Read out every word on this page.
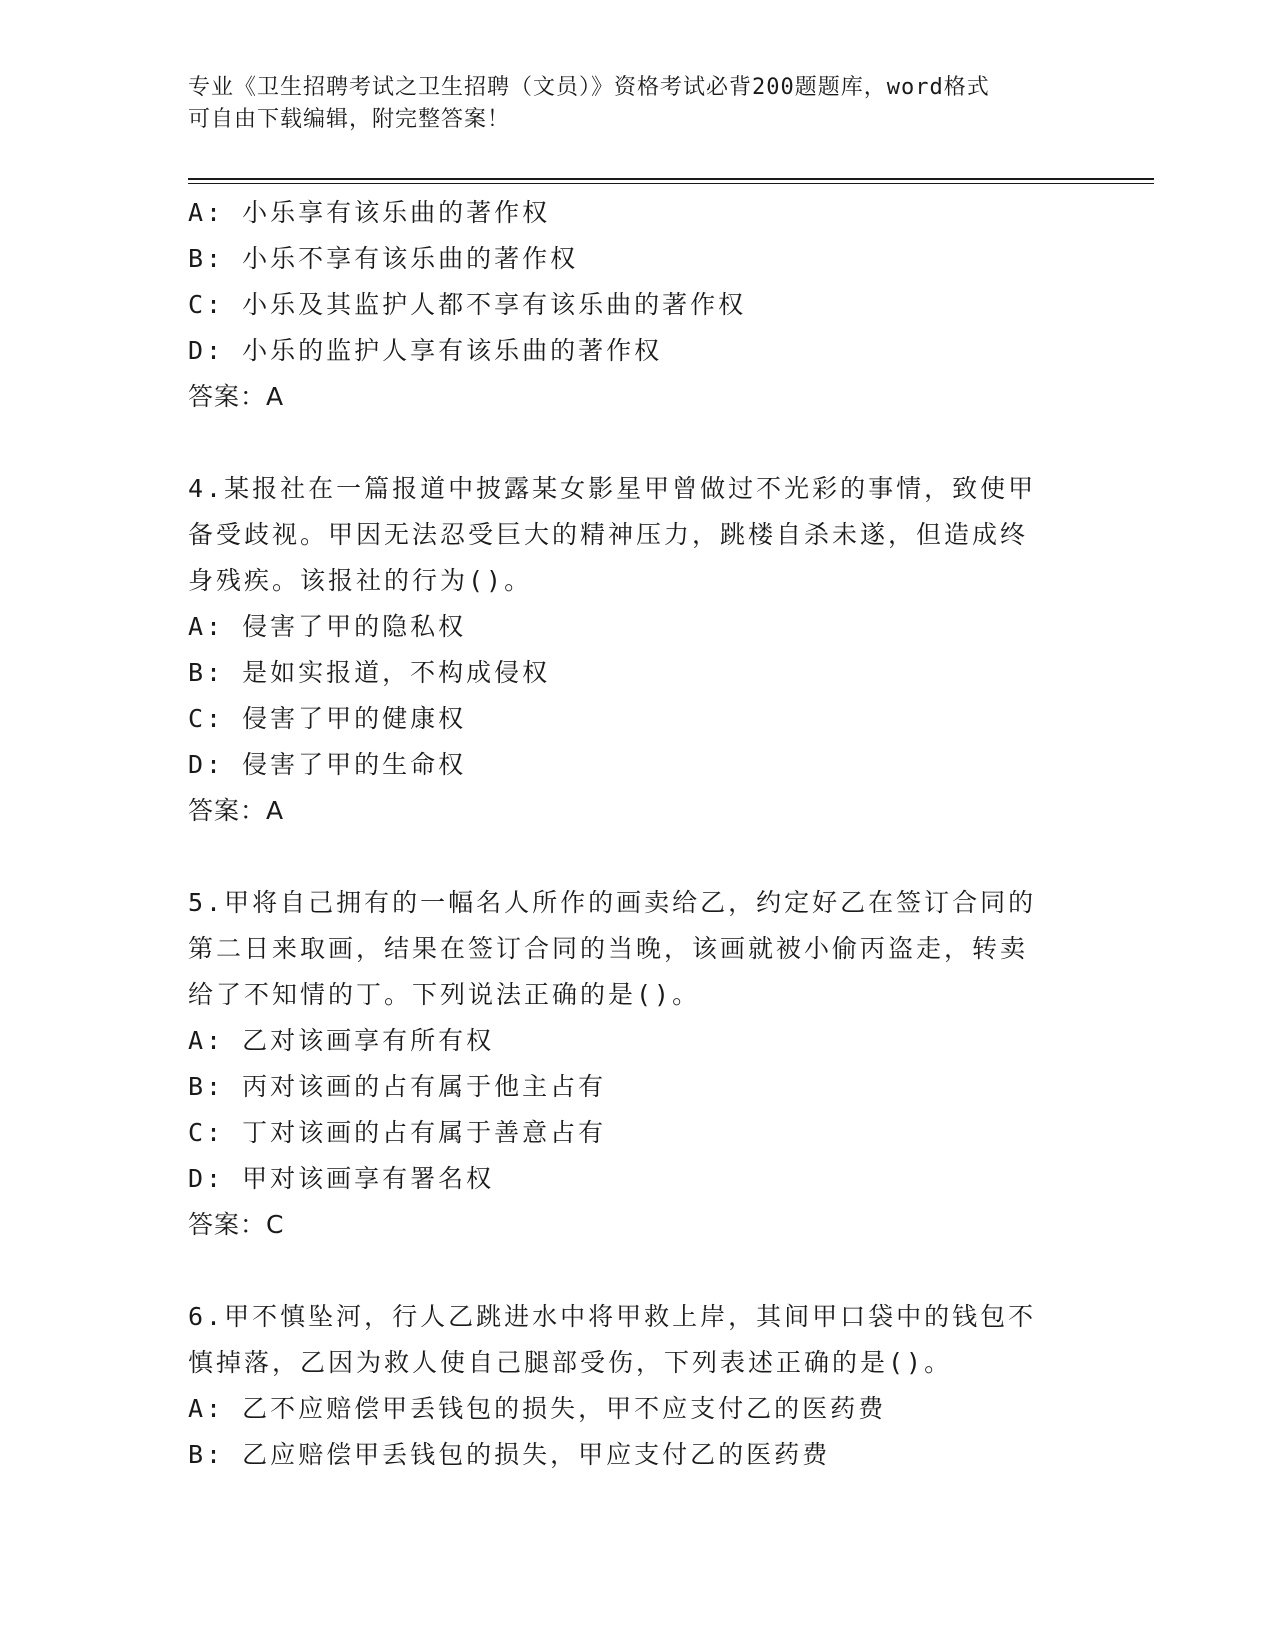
专业《卫生招聘考试之卫生招聘（文员）》资格考试必背200题题库，word格式
可自由下载编辑，附完整答案！
A: 小乐享有该乐曲的著作权
B: 小乐不享有该乐曲的著作权
C: 小乐及其监护人都不享有该乐曲的著作权
D: 小乐的监护人享有该乐曲的著作权
答案：A
4.某报社在一篇报道中披露某女影星甲曾做过不光彩的事情，致使甲
备受歧视。甲因无法忍受巨大的精神压力，跳楼自杀未遂，但造成终
身残疾。该报社的行为()。
A: 侵害了甲的隐私权
B: 是如实报道，不构成侵权
C: 侵害了甲的健康权
D: 侵害了甲的生命权
答案：A
5.甲将自己拥有的一幅名人所作的画卖给乙，约定好乙在签订合同的
第二日来取画，结果在签订合同的当晚，该画就被小偷丙盗走，转卖
给了不知情的丁。下列说法正确的是()。
A: 乙对该画享有所有权
B: 丙对该画的占有属于他主占有
C: 丁对该画的占有属于善意占有
D: 甲对该画享有署名权
答案：C
6.甲不慎坠河，行人乙跳进水中将甲救上岸，其间甲口袋中的钱包不
慎掉落，乙因为救人使自己腿部受伤，下列表述正确的是()。
A: 乙不应赔偿甲丢钱包的损失，甲不应支付乙的医药费
B: 乙应赔偿甲丢钱包的损失，甲应支付乙的医药费
